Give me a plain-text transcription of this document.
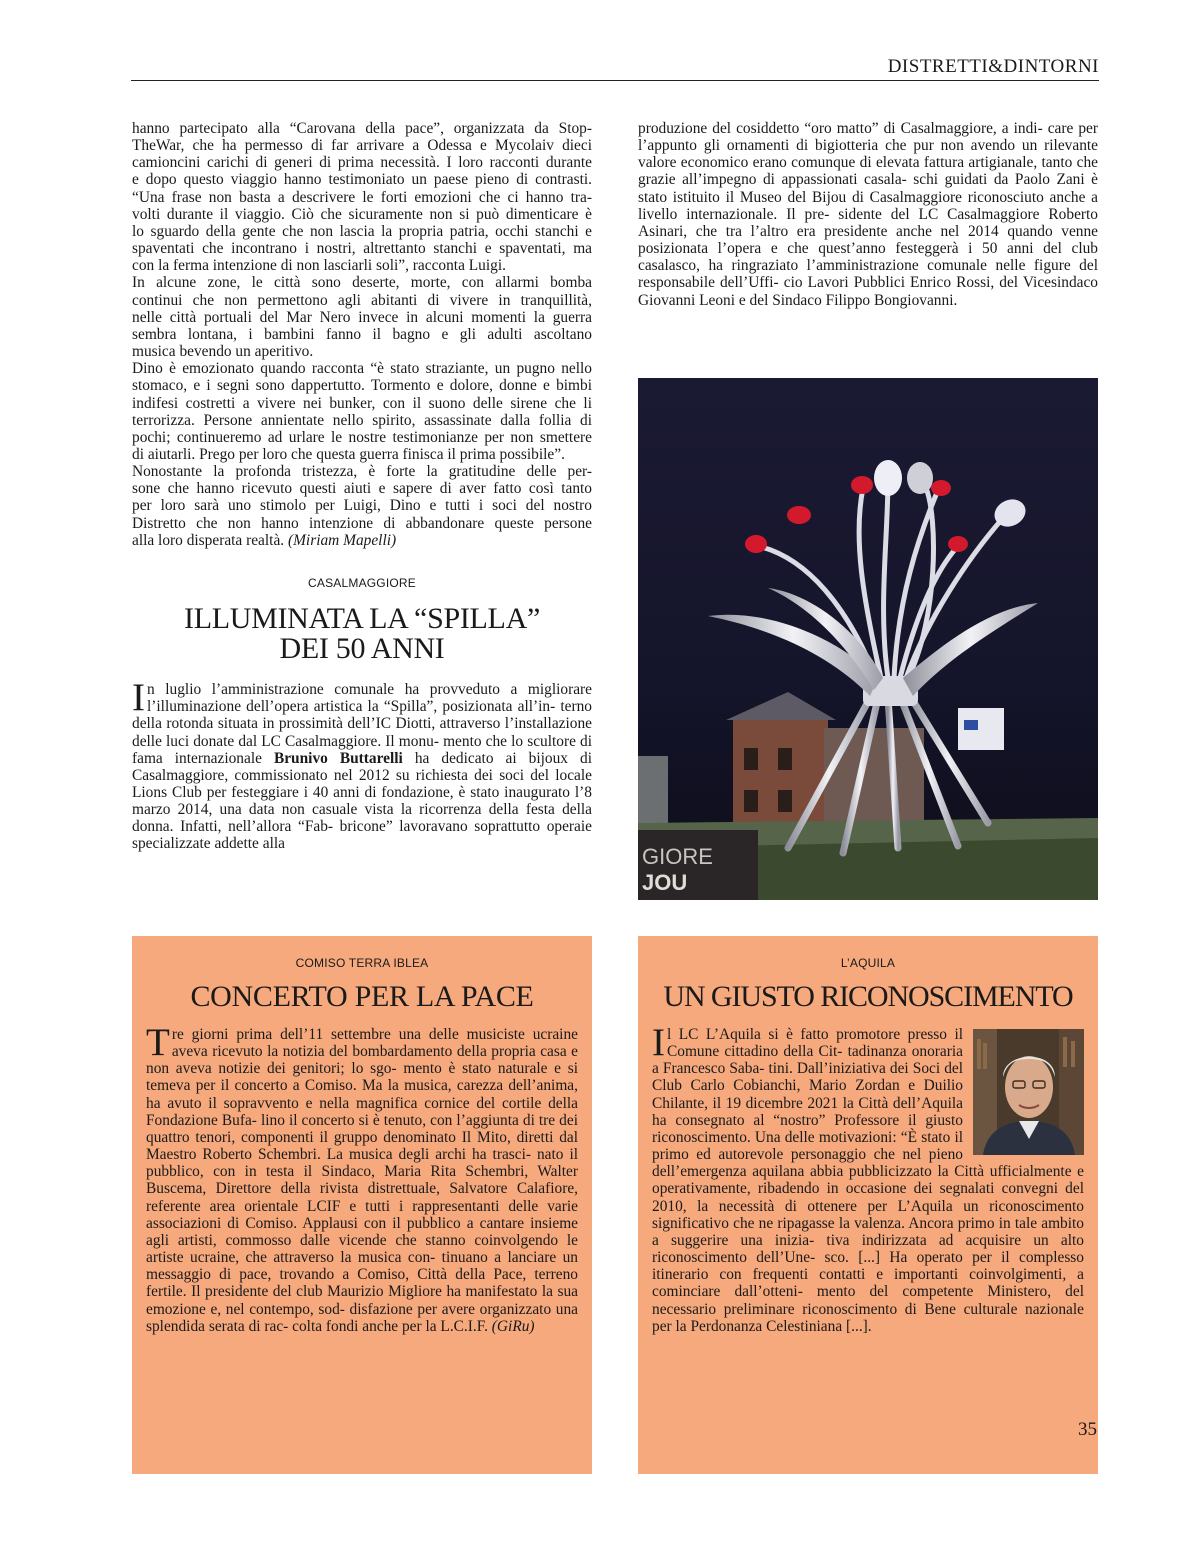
DISTRETTI&DINTORNI
hanno partecipato alla “Carovana della pace”, organizzata da Stop-
TheWar, che ha permesso di far arrivare a Odessa e Mycolaiv dieci
camioncini carichi di generi di prima necessità. I loro racconti durante
e dopo questo viaggio hanno testimoniato un paese pieno di contrasti.
“Una frase non basta a descrivere le forti emozioni che ci hanno tra-
volti durante il viaggio. Ciò che sicuramente non si può dimenticare è
lo sguardo della gente che non lascia la propria patria, occhi stanchi e
spaventati che incontrano i nostri, altrettanto stanchi e spaventati, ma
con la ferma intenzione di non lasciarli soli”, racconta Luigi.
In alcune zone, le città sono deserte, morte, con allarmi bomba
continui che non permettono agli abitanti di vivere in tranquillità,
nelle città portuali del Mar Nero invece in alcuni momenti la guerra
sembra lontana, i bambini fanno il bagno e gli adulti ascoltano
musica bevendo un aperitivo.
Dino è emozionato quando racconta “è stato straziante, un pugno nello
stomaco, e i segni sono dappertutto. Tormento e dolore, donne e bimbi
indifesi costretti a vivere nei bunker, con il suono delle sirene che li
terrorizza. Persone annientate nello spirito, assassinate dalla follia di
pochi; continueremo ad urlare le nostre testimonianze per non smettere
di aiutarli. Prego per loro che questa guerra finisca il prima possibile”.
Nonostante la profonda tristezza, è forte la gratitudine delle per-
sone che hanno ricevuto questi aiuti e sapere di aver fatto così tanto
per loro sarà uno stimolo per Luigi, Dino e tutti i soci del nostro
Distretto che non hanno intenzione di abbandonare queste persone
alla loro disperata realtà. (Miriam Mapelli)
CASALMAGGIORE
ILLUMINATA LA “SPILLA”
DEI 50 ANNI
In luglio l’amministrazione comunale ha provveduto a migliorare l’illuminazione dell’opera artistica la “Spilla”, posizionata all’in- terno della rotonda situata in prossimità dell’IC Diotti, attraverso l’installazione delle luci donate dal LC Casalmaggiore. Il monu- mento che lo scultore di fama internazionale Brunivo Buttarelli ha dedicato ai bijoux di Casalmaggiore, commissionato nel 2012 su richiesta dei soci del locale Lions Club per festeggiare i 40 anni di fondazione, è stato inaugurato l’8 marzo 2014, una data non casuale vista la ricorrenza della festa della donna. Infatti, nell’allora “Fab- bricone” lavoravano soprattutto operaie specializzate addette alla

produzione del cosiddetto “oro matto” di Casalmaggiore, a indi- care per l’appunto gli ornamenti di bigiotteria che pur non avendo un rilevante valore economico erano comunque di elevata fattura artigianale, tanto che grazie all’impegno di appassionati casala- schi guidati da Paolo Zani è stato istituito il Museo del Bijou di Casalmaggiore riconosciuto anche a livello internazionale. Il pre- sidente del LC Casalmaggiore Roberto Asinari, che tra l’altro era presidente anche nel 2014 quando venne posizionata l’opera e che quest’anno festeggerà i 50 anni del club casalasco, ha ringraziato l’amministrazione comunale nelle figure del responsabile dell’Uffi- cio Lavori Pubblici Enrico Rossi, del Vicesindaco Giovanni Leoni e del Sindaco Filippo Bongiovanni.

GIORE
JOU
COMISO TERRA IBLEA
CONCERTO PER LA PACE
Tre giorni prima dell’11 settembre una delle musiciste ucraine aveva ricevuto la notizia del bombardamento della propria casa e non aveva notizie dei genitori; lo sgo- mento è stato naturale e si temeva per il concerto a Comiso. Ma la musica, carezza dell’anima, ha avuto il sopravvento e nella magnifica cornice del cortile della Fondazione Bufa- lino il concerto si è tenuto, con l’aggiunta di tre dei quattro tenori, componenti il gruppo denominato Il Mito, diretti dal Maestro Roberto Schembri. La musica degli archi ha trasci- nato il pubblico, con in testa il Sindaco, Maria Rita Schembri, Walter Buscema, Direttore della rivista distrettuale, Salvatore Calafiore, referente area orientale LCIF e tutti i rappresentanti delle varie associazioni di Comiso. Applausi con il pubblico a cantare insieme agli artisti, commosso dalle vicende che stanno coinvolgendo le artiste ucraine, che attraverso la musica con- tinuano a lanciare un messaggio di pace, trovando a Comiso, Città della Pace, terreno fertile. Il presidente del club Maurizio Migliore ha manifestato la sua emozione e, nel contempo, sod- disfazione per avere organizzato una splendida serata di rac- colta fondi anche per la L.C.I.F. (GiRu)
L’AQUILA
UN GIUSTO RICONOSCIMENTO
Il LC L’Aquila si è fatto promotore presso il Comune cittadino della Cit- tadinanza onoraria a Francesco Saba- tini. Dall’iniziativa dei Soci del Club Carlo Cobianchi, Mario Zordan e Duilio Chilante, il 19 dicembre 2021 la Città dell’Aquila ha consegnato al “nostro” Professore il giusto riconoscimento. Una delle motivazioni: “È stato il primo ed autorevole personaggio che nel pieno dell’emergenza aquilana abbia pubblicizzato la Città ufficialmente e operativamente, ribadendo in occasione dei segnalati convegni del 2010, la necessità di ottenere per L’Aquila un riconoscimento significativo che ne ripagasse la valenza. Ancora primo in tale ambito a suggerire una inizia- tiva indirizzata ad acquisire un alto riconoscimento dell’Une- sco. [...] Ha operato per il complesso itinerario con frequenti contatti e importanti coinvolgimenti, a cominciare dall’otteni- mento del competente Ministero, del necessario preliminare riconoscimento di Bene culturale nazionale per la Perdonanza Celestiniana [...].
35
